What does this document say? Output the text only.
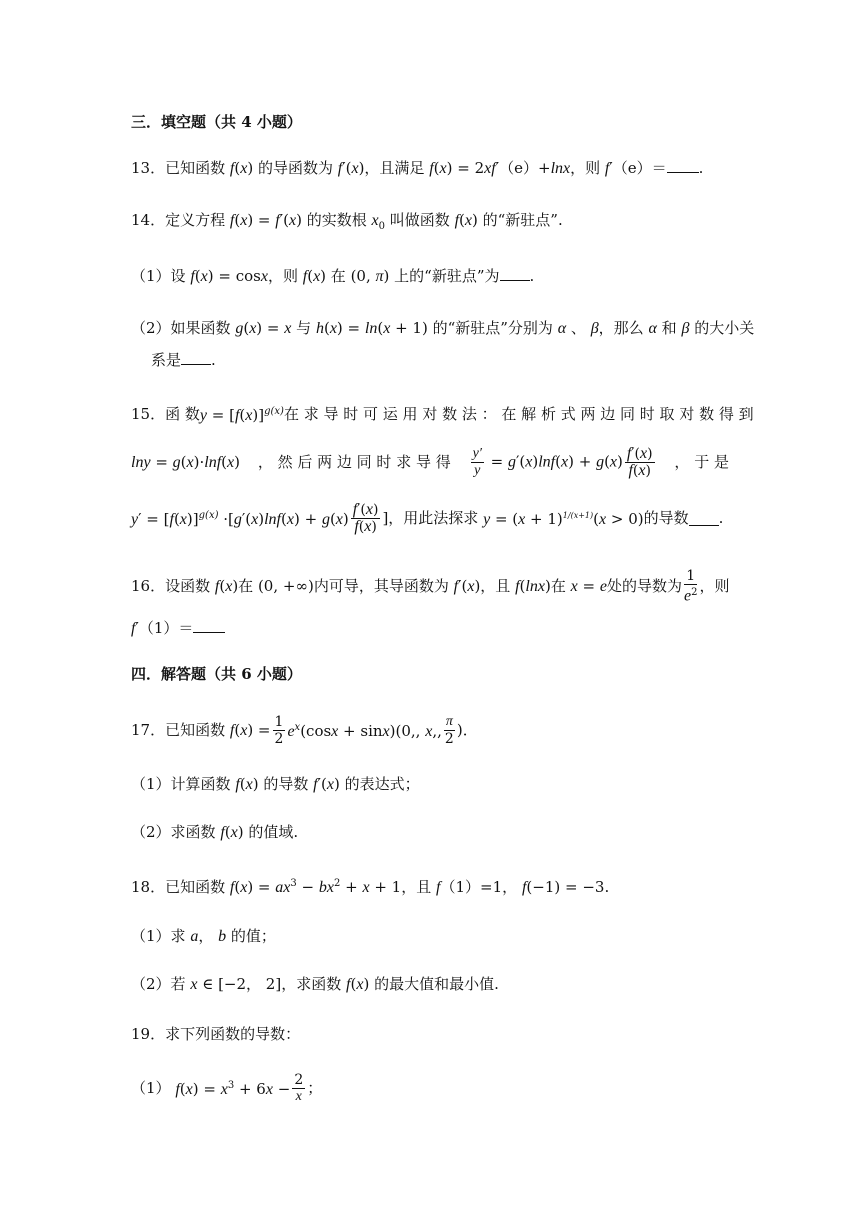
三．填空题（共 4 小题）
13．已知函数 f(x) 的导函数为 f′(x)，且满足 f(x) = 2xf′（e）+lnx，则 f′（e）＝ .
14．定义方程 f(x) = f′(x) 的实数根 $x_0$ 叫做函数 f(x) 的“新驻点”.
（1）设 f(x) = cosx，则 f(x) 在 (0, π) 上的“新驻点”为 .
（2）如果函数 g(x) = x 与 h(x) = ln(x + 1) 的“新驻点”分别为 α 、 β，那么 α 和 β 的大小关
系是 .
15． 函 数 $y = [f(x)]^{g(x)}$ 在 求 导 时 可 运 用 对 数 法 ： 在 解 析 式 两 边 同 时 取 对 数 得 到
lny = g(x)·lnf(x) ， 然 后 两 边 同 时 求 导 得 $\frac{y'}{y} = g'(x)\ln f(x) + g(x) \frac{f'(x)}{f(x)}$ ， 于 是
$y' = [f(x)]^{g(x)} \cdot[g'(x)\ln f(x) + g(x) \frac{f'(x)}{f(x)}$ ] ，用此法探求 $y = (x + 1)^{1/(x+1)}(x > 0)$ 的导数 .
16． 设函数 f(x) 在 (0, +∞) 内可导，其导函数为 f′(x) ，且 f(lnx) 在 x = e 处的导数为 $\frac{1}{e^2}$ ，则
f′（1）＝
四．解答题（共 6 小题）
17． 已知函数 $f(x) = \frac{1}{2} e^x(\cos x + \sin x)(0$,, x,, $\frac{\pi}{2}$ ) ．
（1）计算函数 f(x) 的导数 f′(x) 的表达式；
（2）求函数 f(x) 的值域.
18．已知函数 $f(x) = ax^3 - bx^2 + x + 1$，且 f（1）=1， f(−1) = −3.
（1）求 a， b 的值；
（2）若 x ∈ [−2， 2]，求函数 f(x) 的最大值和最小值.
19．求下列函数的导数：
（1） $f(x) = x^3 + 6x - \frac{2}{x}$ ；
